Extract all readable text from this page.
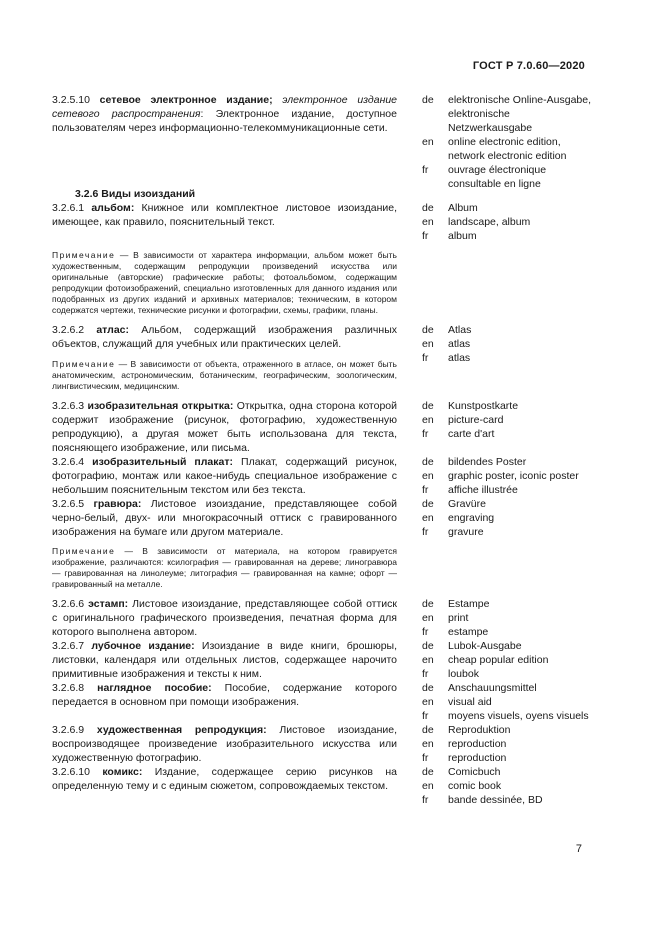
ГОСТ Р 7.0.60—2020
3.2.5.10 сетевое электронное издание; электронное издание сетевого распространения: Электронное издание, доступное пользователям через информационно-телекоммуникационные сети.
de	elektronische Online-Ausgabe, elektronische Netzwerkausgabe
en	online electronic edition, network electronic edition
fr	ouvrage électronique consultable en ligne
3.2.6 Виды изоизданий
3.2.6.1 альбом: Книжное или комплектное листовое изоиздание, имеющее, как правило, пояснительный текст.
de	Album
en	landscape, album
fr	album
Примечание — В зависимости от характера информации, альбом может быть художественным, содержащим репродукции произведений искусства или оригинальные (авторские) графические работы; фотоальбомом, содержащим репродукции фотоизображений, специально изготовленных для данного издания или подобранных из других изданий и архивных материалов; техническим, в котором содержатся чертежи, технические рисунки и фотографии, схемы, графики, планы.
3.2.6.2 атлас: Альбом, содержащий изображения различных объектов, служащий для учебных или практических целей.
de	Atlas
en	atlas
fr	atlas
Примечание — В зависимости от объекта, отраженного в атласе, он может быть анатомическим, астрономическим, ботаническим, географическим, зоологическим, лингвистическим, медицинским.
3.2.6.3 изобразительная открытка: Открытка, одна сторона которой содержит изображение (рисунок, фотографию, художественную репродукцию), а другая может быть использована для текста, поясняющего изображение, или письма.
de	Kunstpostkarte
en	picture-card
fr	carte d'art
3.2.6.4 изобразительный плакат: Плакат, содержащий рисунок, фотографию, монтаж или какое-нибудь специальное изображение с небольшим пояснительным текстом или без текста.
de	bildendes Poster
en	graphic poster, iconic poster
fr	affiche illustrée
3.2.6.5 гравюра: Листовое изоиздание, представляющее собой черно-белый, двух- или многокрасочный оттиск с гравированного изображения на бумаге или другом материале.
de	Gravüre
en	engraving
fr	gravure
Примечание — В зависимости от материала, на котором гравируется изображение, различаются: ксилография — гравированная на дереве; линогравюра — гравированная на линолеуме; литография — гравированная на камне; офорт — гравированный на металле.
3.2.6.6 эстамп: Листовое изоиздание, представляющее собой оттиск с оригинального графического произведения, печатная форма для которого выполнена автором.
de	Estampe
en	print
fr	estampe
3.2.6.7 лубочное издание: Изоиздание в виде книги, брошюры, листовки, календаря или отдельных листов, содержащее нарочито примитивные изображения и тексты к ним.
de	Lubok-Ausgabe
en	cheap popular edition
fr	loubok
3.2.6.8 наглядное пособие: Пособие, содержание которого передается в основном при помощи изображения.
de	Anschauungsmittel
en	visual aid
fr	moyens visuels, oyens visuels
3.2.6.9 художественная репродукция: Листовое изоиздание, воспроизводящее произведение изобразительного искусства или художественную фотографию.
de	Reproduktion
en	reproduction
fr	reproduction
3.2.6.10 комикс: Издание, содержащее серию рисунков на определенную тему и с единым сюжетом, сопровождаемых текстом.
de	Comicbuch
en	comic book
fr	bande dessinée, BD
7
